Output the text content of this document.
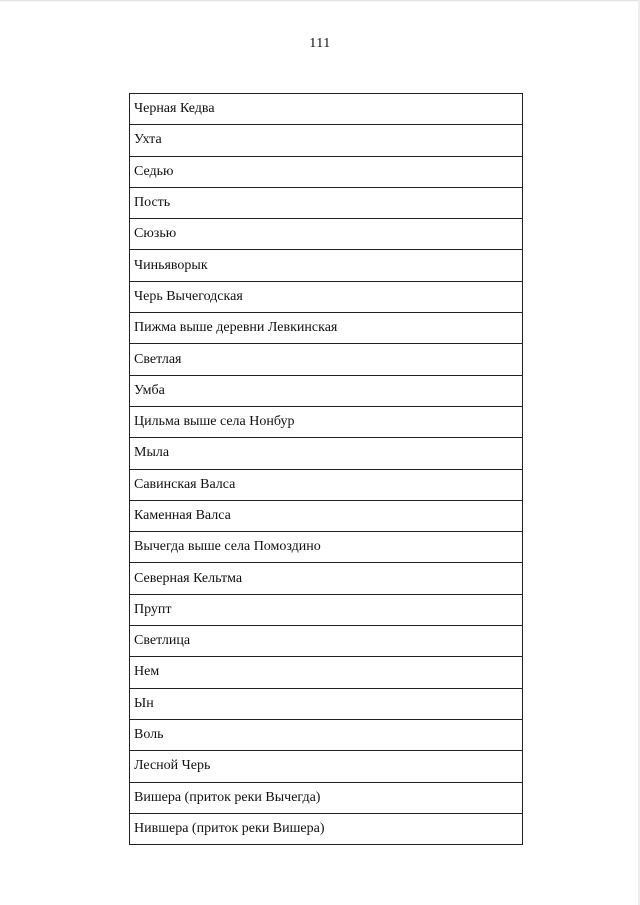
111
Черная Кедва
Ухта
Седью
Пость
Сюзью
Чиньяворык
Черь Вычегодская
Пижма выше деревни Левкинская
Светлая
Умба
Цильма выше села Нонбур
Мыла
Савинская Валса
Каменная Валса
Вычегда выше села Помоздино
Северная Кельтма
Прупт
Светлица
Нем
Ын
Воль
Лесной Черь
Вишера (приток реки Вычегда)
Нившера (приток реки Вишера)
